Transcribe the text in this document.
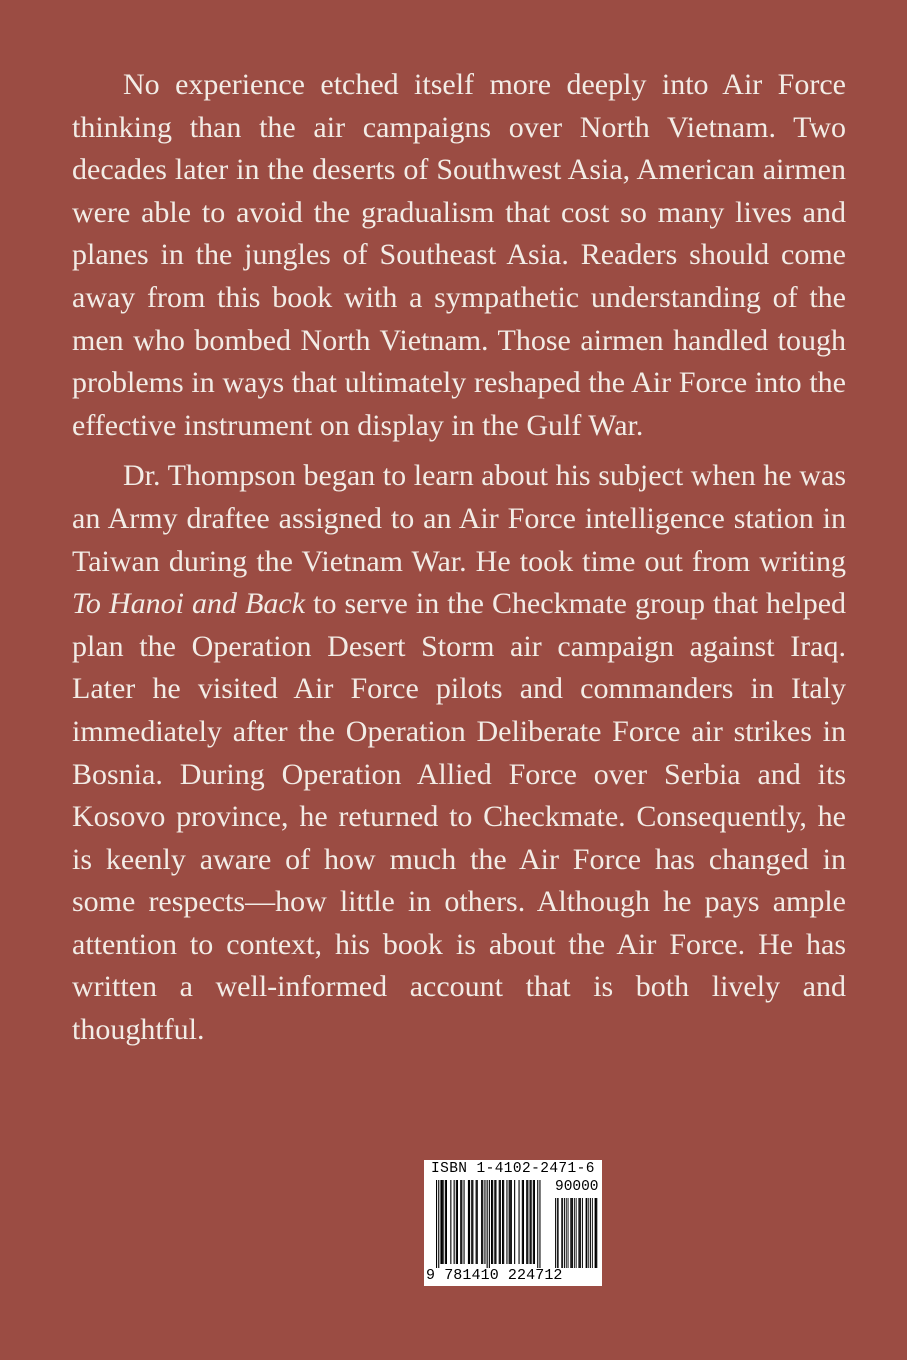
No experience etched itself more deeply into Air Force thinking than the air campaigns over North Vietnam. Two decades later in the deserts of Southwest Asia, American airmen were able to avoid the gradualism that cost so many lives and planes in the jungles of Southeast Asia. Readers should come away from this book with a sympathetic understanding of the men who bombed North Vietnam. Those airmen handled tough problems in ways that ultimately reshaped the Air Force into the effective instrument on display in the Gulf War.

Dr. Thompson began to learn about his subject when he was an Army draftee assigned to an Air Force intelligence station in Taiwan during the Vietnam War. He took time out from writing To Hanoi and Back to serve in the Checkmate group that helped plan the Operation Desert Storm air campaign against Iraq. Later he visited Air Force pilots and commanders in Italy immediately after the Operation Deliberate Force air strikes in Bosnia. During Operation Allied Force over Serbia and its Kosovo province, he returned to Checkmate. Consequently, he is keenly aware of how much the Air Force has changed in some respects—how little in others. Although he pays ample attention to context, his book is about the Air Force. He has written a well-informed account that is both lively and thoughtful.

ISBN 1-4102-2471-6
90000
9 781410 224712
